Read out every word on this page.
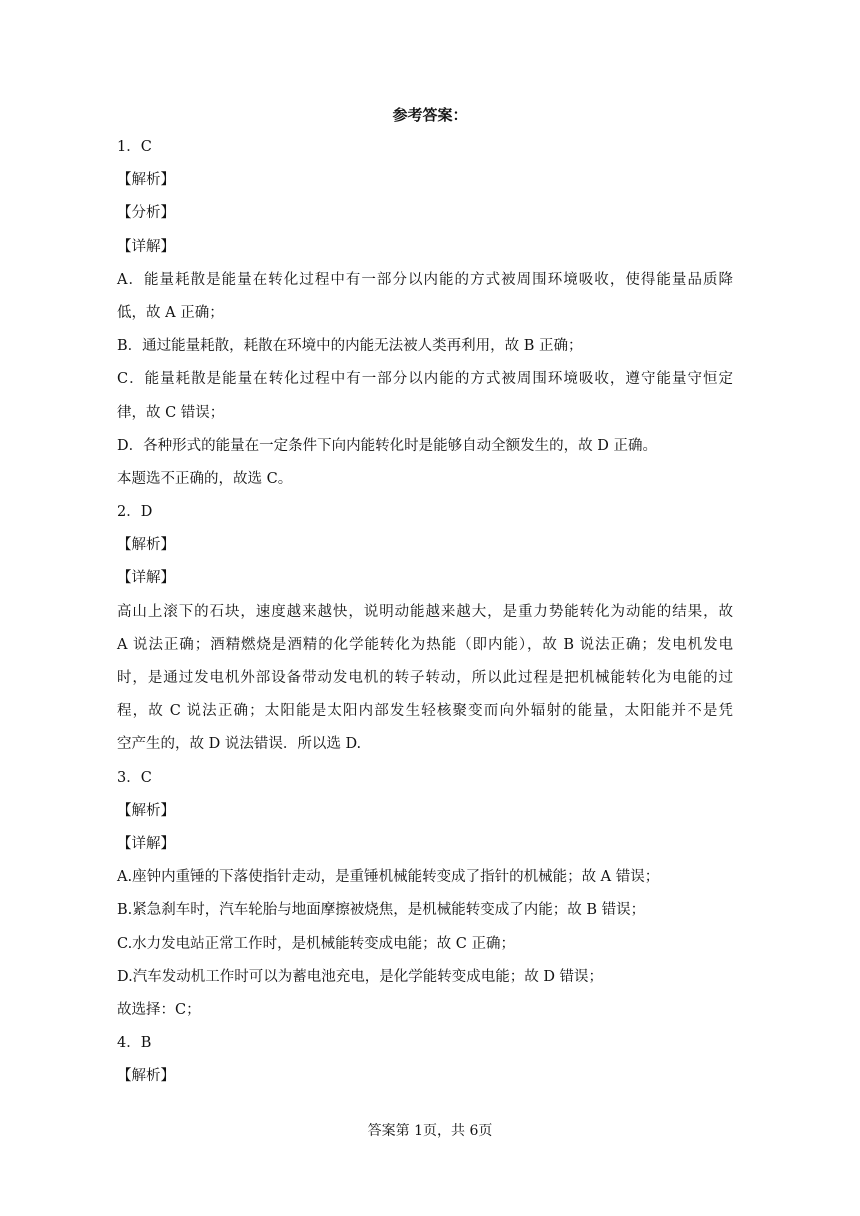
参考答案：
1．C
【解析】
【分析】
【详解】
A．能量耗散是能量在转化过程中有一部分以内能的方式被周围环境吸收，使得能量品质降
低，故 A 正确；
B．通过能量耗散，耗散在环境中的内能无法被人类再利用，故 B 正确；
C．能量耗散是能量在转化过程中有一部分以内能的方式被周围环境吸收，遵守能量守恒定
律，故 C 错误；
D．各种形式的能量在一定条件下向内能转化时是能够自动全额发生的，故 D 正确。
本题选不正确的，故选 C。
2．D
【解析】
【详解】
高山上滚下的石块，速度越来越快，说明动能越来越大，是重力势能转化为动能的结果，故
A 说法正确；酒精燃烧是酒精的化学能转化为热能（即内能），故 B 说法正确；发电机发电
时，是通过发电机外部设备带动发电机的转子转动，所以此过程是把机械能转化为电能的过
程，故 C 说法正确；太阳能是太阳内部发生轻核聚变而向外辐射的能量，太阳能并不是凭
空产生的，故 D 说法错误．所以选 D.
3．C
【解析】
【详解】
A.座钟内重锤的下落使指针走动，是重锤机械能转变成了指针的机械能；故 A 错误；
B.紧急刹车时，汽车轮胎与地面摩擦被烧焦，是机械能转变成了内能；故 B 错误；
C.水力发电站正常工作时，是机械能转变成电能；故 C 正确；
D.汽车发动机工作时可以为蓄电池充电，是化学能转变成电能；故 D 错误；
故选择：C；
4．B
【解析】
答案第 1页，共 6页
